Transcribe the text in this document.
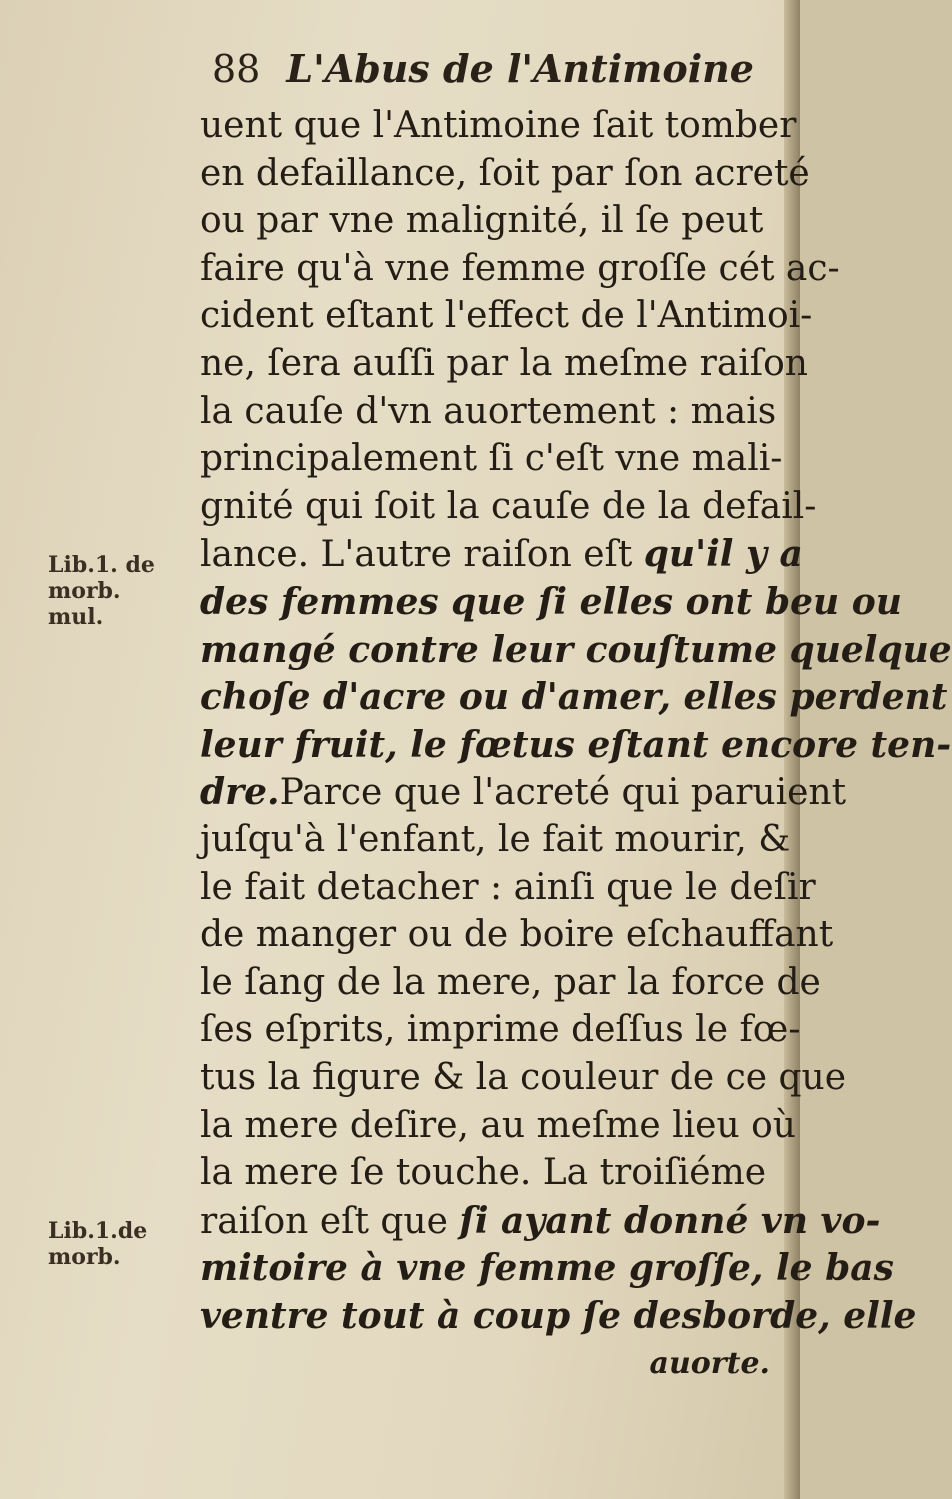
88 L'Abus de l'Antimoine
uent que l'Antimoine ſait tomber
en defaillance, ſoit par ſon acreté
ou par vne malignité, il ſe peut
faire qu'à vne femme groſſe cét ac-
cident eſtant l'effect de l'Antimoi-
ne, ſera auſſi par la meſme raiſon
la cauſe d'vn auortement : mais
principalement ſi c'eſt vne mali-
gnité qui ſoit la cauſe de la defail-
lance. L'autre raiſon eſt qu'il y a
des femmes que ſi elles ont beu ou
mangé contre leur couſtume quelque
choſe d'acre ou d'amer, elles perdent
leur fruit, le fœtus eſtant encore ten-
dre.Parce que l'acreté qui paruient
juſqu'à l'enfant, le fait mourir, &
le fait detacher : ainſi que le deſir
de manger ou de boire eſchauffant
le ſang de la mere, par la force de
ſes eſprits, imprime deſſus le fœ-
tus la figure & la couleur de ce que
la mere deſire, au meſme lieu où
la mere ſe touche. La troiſiéme
raiſon eſt que ſi ayant donné vn vo-
mitoire à vne femme groſſe, le bas
ventre tout à coup ſe desborde, elle
auorte.
Lib.1. de
morb.
mul.
Lib.1.de
morb.
